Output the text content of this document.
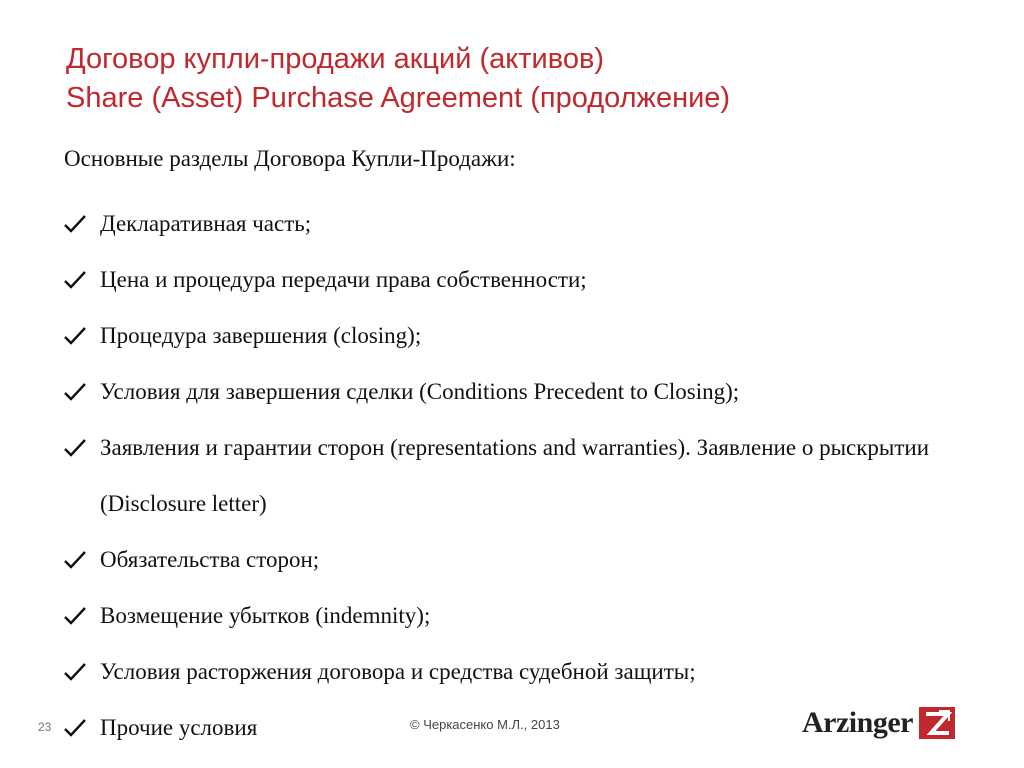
Договор купли-продажи акций (активов)
Share (Asset) Purchase Agreement (продолжение)
Основные разделы Договора Купли-Продажи:
Декларативная часть;
Цена и процедура передачи права собственности;
Процедура завершения (closing);
Условия для завершения сделки (Conditions Precedent to Closing);
Заявления и гарантии сторон (representations and warranties). Заявление о рыскрытии (Disclosure letter)
Обязательства сторон;
Возмещение убытков (indemnity);
Условия расторжения договора и средства судебной защиты;
Прочие условия
23	© Черкасенко М.Л., 2013	Arzinger
